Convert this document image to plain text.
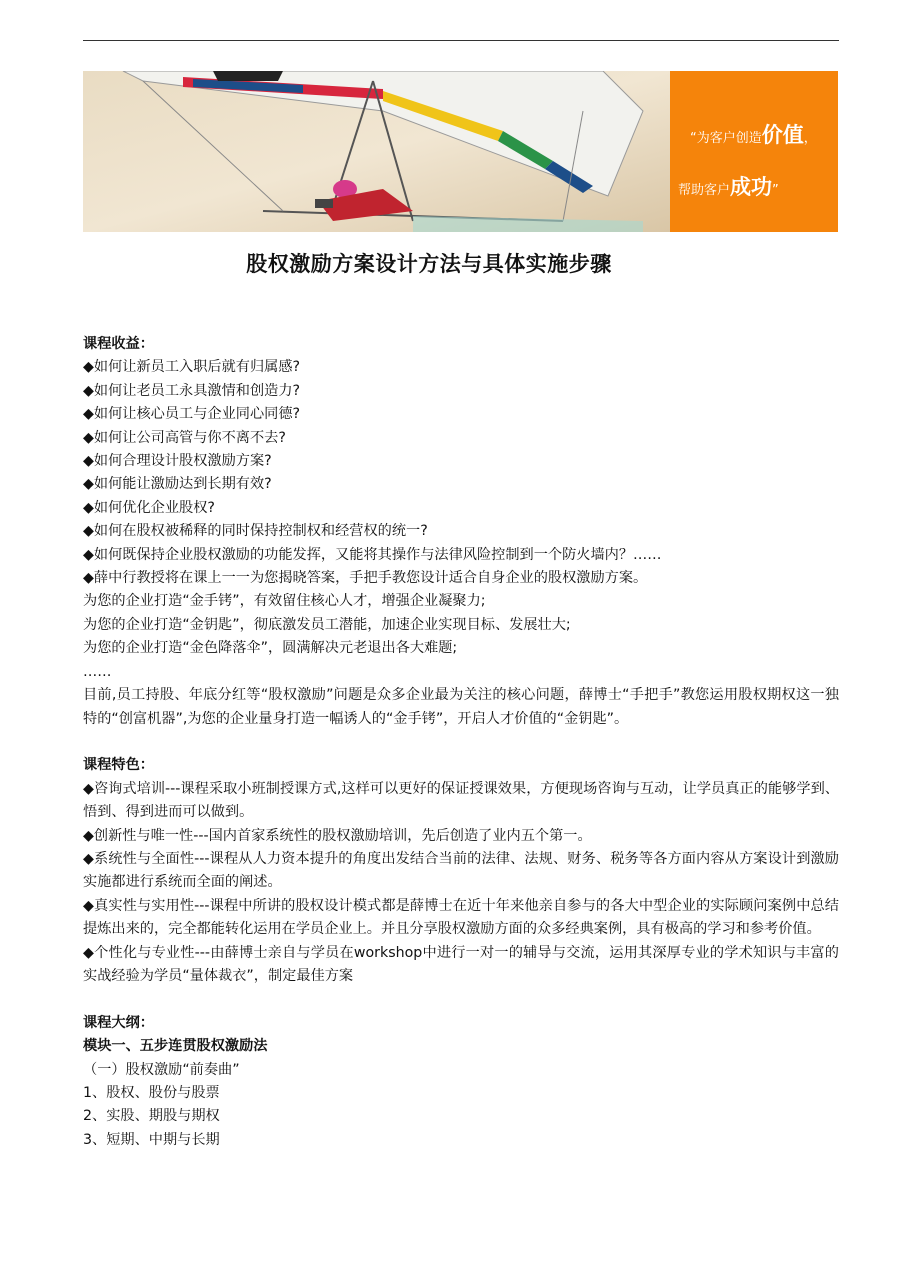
“为客户创造价值，
帮助客户成功”
股权激励方案设计方法与具体实施步骤

课程收益：

◆如何让新员工入职后就有归属感?

◆如何让老员工永具激情和创造力?

◆如何让核心员工与企业同心同德?

◆如何让公司高管与你不离不去?

◆如何合理设计股权激励方案?

◆如何能让激励达到长期有效?

◆如何优化企业股权?

◆如何在股权被稀释的同时保持控制权和经营权的统一?

◆如何既保持企业股权激励的功能发挥，又能将其操作与法律风险控制到一个防火墙内？……

◆薛中行教授将在课上一一为您揭晓答案，手把手教您设计适合自身企业的股权激励方案。

为您的企业打造“金手铐”，有效留住核心人才，增强企业凝聚力;

为您的企业打造“金钥匙”，彻底激发员工潜能，加速企业实现目标、发展壮大;

为您的企业打造“金色降落伞”，圆满解决元老退出各大难题;

……

目前,员工持股、年底分红等“股权激励”问题是众多企业最为关注的核心问题，薛博士“手把手”教您运用股权期权这一独特的“创富机器”,为您的企业量身打造一幅诱人的“金手铐”，开启人才价值的“金钥匙”。

课程特色：

◆咨询式培训---课程采取小班制授课方式,这样可以更好的保证授课效果，方便现场咨询与互动，让学员真正的能够学到、悟到、得到进而可以做到。

◆创新性与唯一性---国内首家系统性的股权激励培训，先后创造了业内五个第一。

◆系统性与全面性---课程从人力资本提升的角度出发结合当前的法律、法规、财务、税务等各方面内容从方案设计到激励实施都进行系统而全面的阐述。

◆真实性与实用性---课程中所讲的股权设计模式都是薛博士在近十年来他亲自参与的各大中型企业的实际顾问案例中总结提炼出来的，完全都能转化运用在学员企业上。并且分享股权激励方面的众多经典案例，具有极高的学习和参考价值。

◆个性化与专业性---由薛博士亲自与学员在workshop中进行一对一的辅导与交流，运用其深厚专业的学术知识与丰富的实战经验为学员“量体裁衣”，制定最佳方案

课程大纲：

模块一、五步连贯股权激励法

（一）股权激励“前奏曲”

1、股权、股份与股票

2、实股、期股与期权

3、短期、中期与长期
